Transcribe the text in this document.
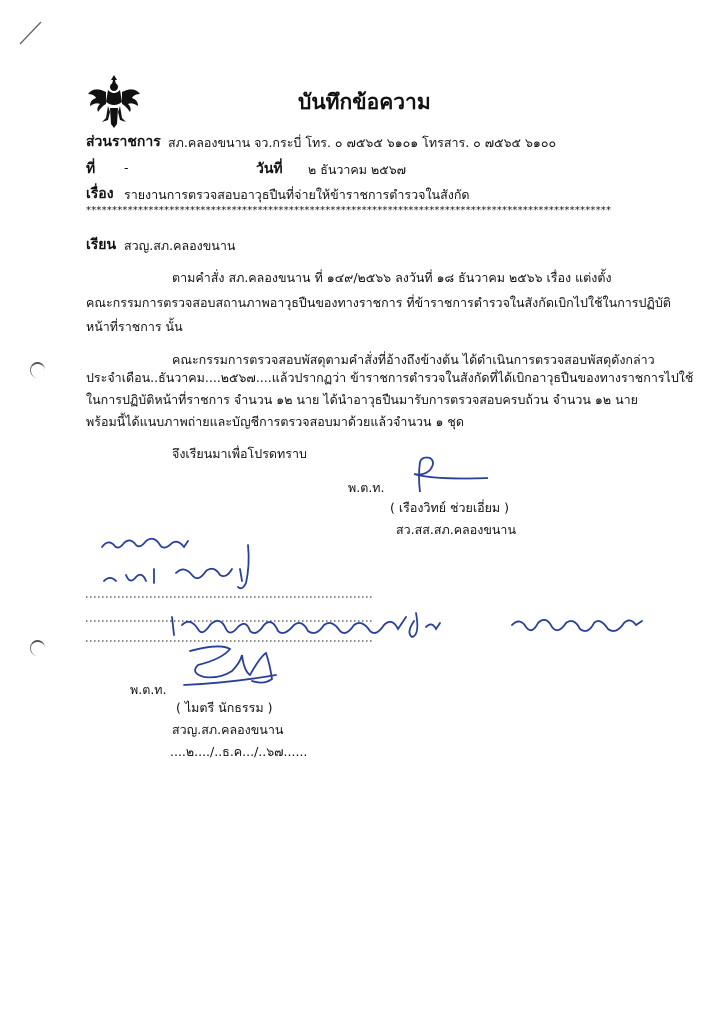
บันทึกข้อความ
ส่วนราชการ สภ.คลองขนาน จว.กระบี่ โทร. ๐ ๗๕๖๕ ๖๑๐๑ โทรสาร. ๐ ๗๕๖๕ ๖๑๐๐
ที่ -	วันที่ ๒ ธันวาคม ๒๕๖๗
เรื่อง รายงานการตรวจสอบอาวุธปืนที่จ่ายให้ข้าราชการตำรวจในสังกัด
*****************************************************************************************************
เรียน สวญ.สภ.คลองขนาน
ตามคำสั่ง สภ.คลองขนาน ที่ ๑๔๙/๒๕๖๖ ลงวันที่ ๑๘ ธันวาคม ๒๕๖๖ เรื่อง แต่งตั้ง
คณะกรรมการตรวจสอบสถานภาพอาวุธปืนของทางราชการ ที่ข้าราชการตำรวจในสังกัดเบิกไปใช้ในการปฏิบัติ
หน้าที่ราชการ นั้น
คณะกรรมการตรวจสอบพัสดุตามคำสั่งที่อ้างถึงข้างต้น ได้ดำเนินการตรวจสอบพัสดุดังกล่าว
ประจำเดือน..ธันวาคม....๒๕๖๗....แล้วปรากฏว่า ข้าราชการตำรวจในสังกัดที่ได้เบิกอาวุธปืนของทางราชการไปใช้
ในการปฏิบัติหน้าที่ราชการ จำนวน ๑๒ นาย ได้นำอาวุธปืนมารับการตรวจสอบครบถ้วน จำนวน ๑๒ นาย
พร้อมนี้ได้แนบภาพถ่ายและบัญชีการตรวจสอบมาด้วยแล้วจำนวน ๑ ชุด
จึงเรียนมาเพื่อโปรดทราบ
พ.ต.ท.
( เรืองวิทย์ ช่วยเอี่ยม )
สว.สส.สภ.คลองขนาน
พ.ต.ท.
( ไมตรี นักธรรม )
สวญ.สภ.คลองขนาน
....๒..../..ธ.ค.../..๖๗......
